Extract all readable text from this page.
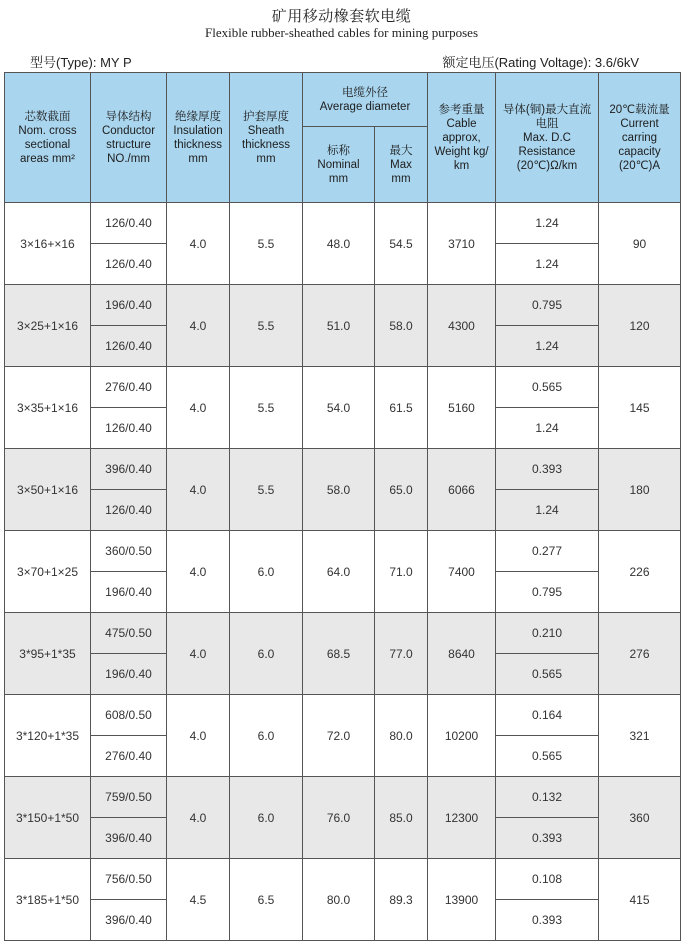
矿用移动橡套软电缆
Flexible rubber-sheathed cables for mining purposes
型号(Type): MY P	额定电压(Rating Voltage): 3.6/6kV
芯数截面
Nom. cross
sectional
areas mm²	导体结构
Conductor
structure
NO./mm	绝缘厚度
Insulation
thickness
mm	护套厚度
Sheath
thickness
mm	电缆外径
Average diameter		参考重量
Cable
approx,
Weight kg/
km	导体(铜)最大直流
电阻
Max. D.C
Resistance
(20℃)Ω/km	20℃载流量
Current
carring
capacity
(20℃)A

				标称
Nominal
mm	最大
Max
mm			

3×16+×16	126/0.40	4.0	5.5	48.0	54.5	3710	1.24	90
	126/0.40						1.24	
3×25+1×16	196/0.40	4.0	5.5	51.0	58.0	4300	0.795	120
	126/0.40						1.24	
3×35+1×16	276/0.40	4.0	5.5	54.0	61.5	5160	0.565	145
	126/0.40						1.24	
3×50+1×16	396/0.40	4.0	5.5	58.0	65.0	6066	0.393	180
	126/0.40						1.24	
3×70+1×25	360/0.50	4.0	6.0	64.0	71.0	7400	0.277	226
	196/0.40						0.795	
3*95+1*35	475/0.50	4.0	6.0	68.5	77.0	8640	0.210	276
	196/0.40						0.565	
3*120+1*35	608/0.50	4.0	6.0	72.0	80.0	10200	0.164	321
	276/0.40						0.565	
3*150+1*50	759/0.50	4.0	6.0	76.0	85.0	12300	0.132	360
	396/0.40						0.393	
3*185+1*50	756/0.50	4.5	6.5	80.0	89.3	13900	0.108	415
	396/0.40						0.393	
